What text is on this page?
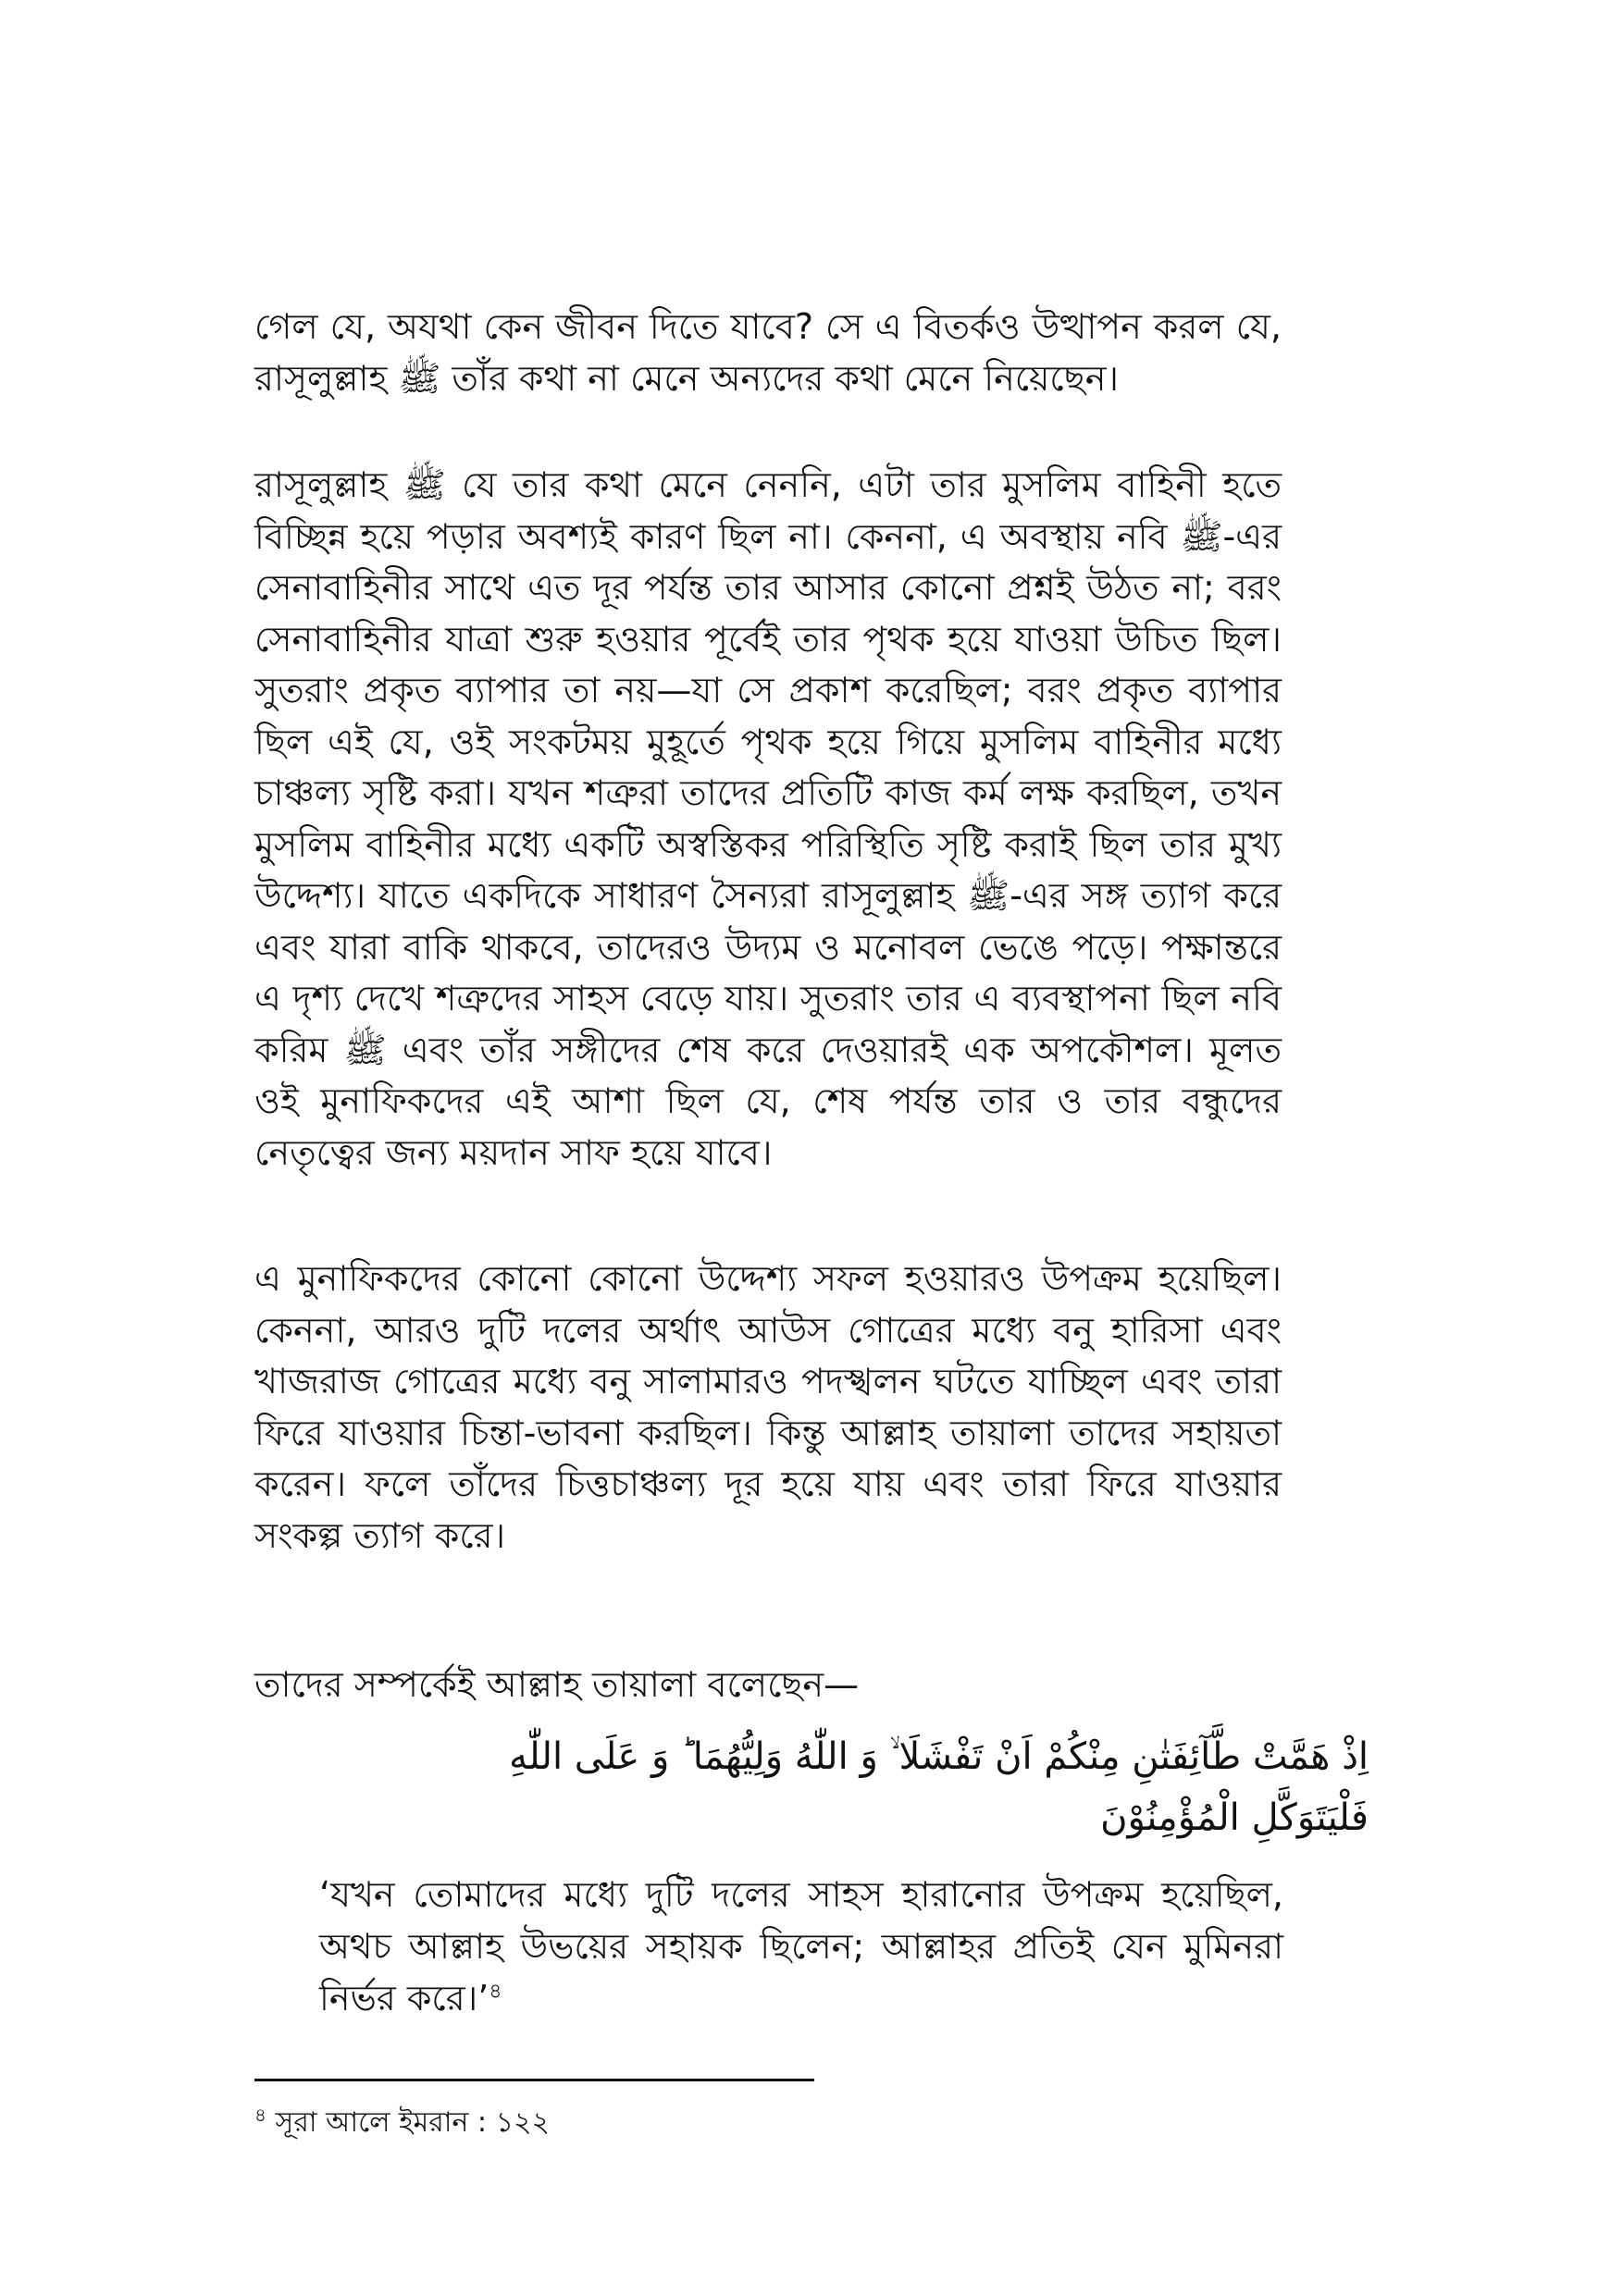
গেল যে, অযথা কেন জীবন দিতে যাবে? সে এ বিতর্কও উত্থাপন করল যে, রাসূলুল্লাহ ﷺ তাঁর কথা না মেনে অন্যদের কথা মেনে নিয়েছেন।

রাসূলুল্লাহ ﷺ যে তার কথা মেনে নেননি, এটা তার মুসলিম বাহিনী হতে বিচ্ছিন্ন হয়ে পড়ার অবশ্যই কারণ ছিল না। কেননা, এ অবস্থায় নবি ﷺ-এর সেনাবাহিনীর সাথে এত দূর পর্যন্ত তার আসার কোনো প্রশ্নই উঠত না; বরং সেনাবাহিনীর যাত্রা শুরু হওয়ার পূর্বেই তার পৃথক হয়ে যাওয়া উচিত ছিল। সুতরাং প্রকৃত ব্যাপার তা নয়—যা সে প্রকাশ করেছিল; বরং প্রকৃত ব্যাপার ছিল এই যে, ওই সংকটময় মুহূর্তে পৃথক হয়ে গিয়ে মুসলিম বাহিনীর মধ্যে চাঞ্চল্য সৃষ্টি করা। যখন শত্রুরা তাদের প্রতিটি কাজ কর্ম লক্ষ করছিল, তখন মুসলিম বাহিনীর মধ্যে একটি অস্বস্তিকর পরিস্থিতি সৃষ্টি করাই ছিল তার মুখ্য উদ্দেশ্য। যাতে একদিকে সাধারণ সৈন্যরা রাসূলুল্লাহ ﷺ-এর সঙ্গ ত্যাগ করে এবং যারা বাকি থাকবে, তাদেরও উদ্যম ও মনোবল ভেঙে পড়ে। পক্ষান্তরে এ দৃশ্য দেখে শত্রুদের সাহস বেড়ে যায়। সুতরাং তার এ ব্যবস্থাপনা ছিল নবি করিম ﷺ এবং তাঁর সঙ্গীদের শেষ করে দেওয়ারই এক অপকৌশল। মূলত ওই মুনাফিকদের এই আশা ছিল যে, শেষ পর্যন্ত তার ও তার বন্ধুদের নেতৃত্বের জন্য ময়দান সাফ হয়ে যাবে।

এ মুনাফিকদের কোনো কোনো উদ্দেশ্য সফল হওয়ারও উপক্রম হয়েছিল। কেননা, আরও দুটি দলের অর্থাৎ আউস গোত্রের মধ্যে বনু হারিসা এবং খাজরাজ গোত্রের মধ্যে বনু সালামারও পদস্খলন ঘটতে যাচ্ছিল এবং তারা ফিরে যাওয়ার চিন্তা-ভাবনা করছিল। কিন্তু আল্লাহ তায়ালা তাদের সহায়তা করেন। ফলে তাঁদের চিত্তচাঞ্চল্য দূর হয়ে যায় এবং তারা ফিরে যাওয়ার সংকল্প ত্যাগ করে।

তাদের সম্পর্কেই আল্লাহ তায়ালা বলেছেন—

اِذْ هَمَّتْ طَّآئِفَتٰنِ مِنْكُمْ اَنْ تَفْشَلَا ۙ وَ اللّٰهُ وَلِيُّهُمَا ؕ وَ عَلَى اللّٰهِ

فَلْيَتَوَكَّلِ الْمُؤْمِنُوْنَ

‘যখন তোমাদের মধ্যে দুটি দলের সাহস হারানোর উপক্রম হয়েছিল, অথচ আল্লাহ উভয়ের সহায়ক ছিলেন; আল্লাহর প্রতিই যেন মুমিনরা নির্ভর করে।’$^৪$

$^৪$ সূরা আলে ইমরান : ১২২
